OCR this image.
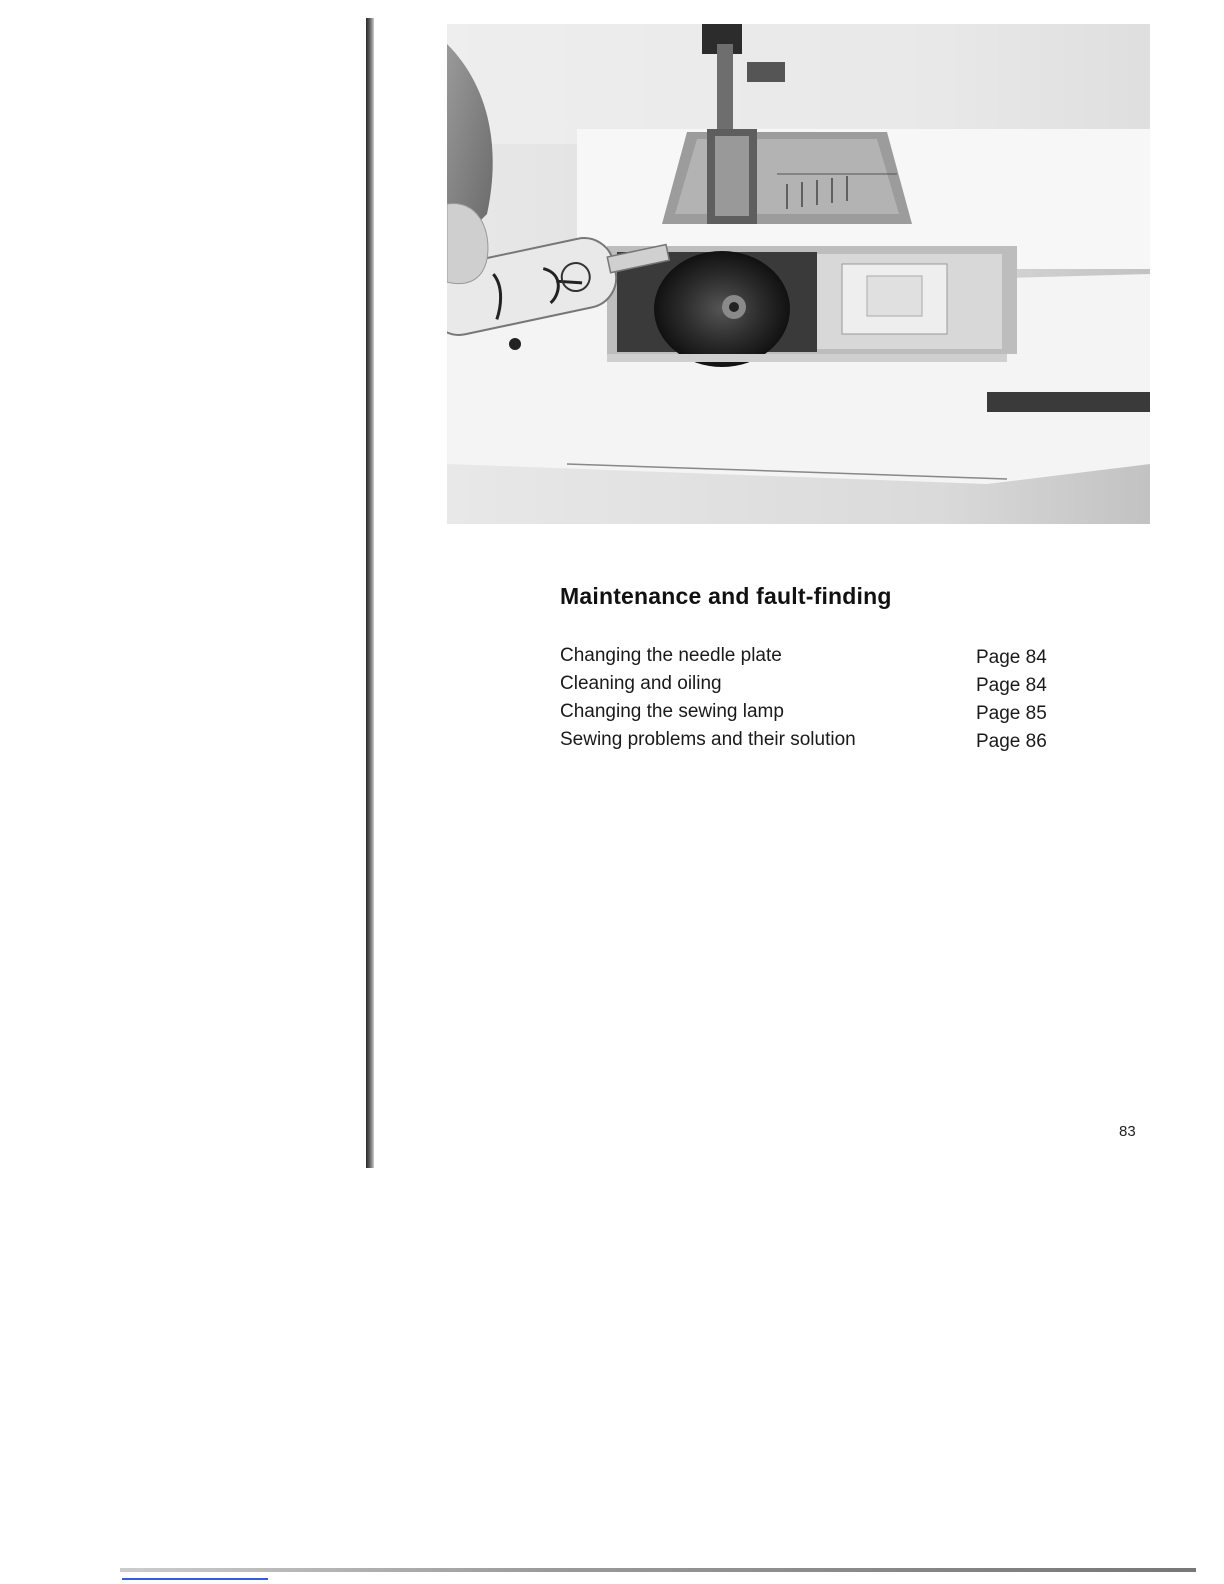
Maintenance and fault-finding
Changing the needle plate	Page 84
Cleaning and oiling	Page 84
Changing the sewing lamp	Page 85
Sewing problems and their solution	Page 86
83
